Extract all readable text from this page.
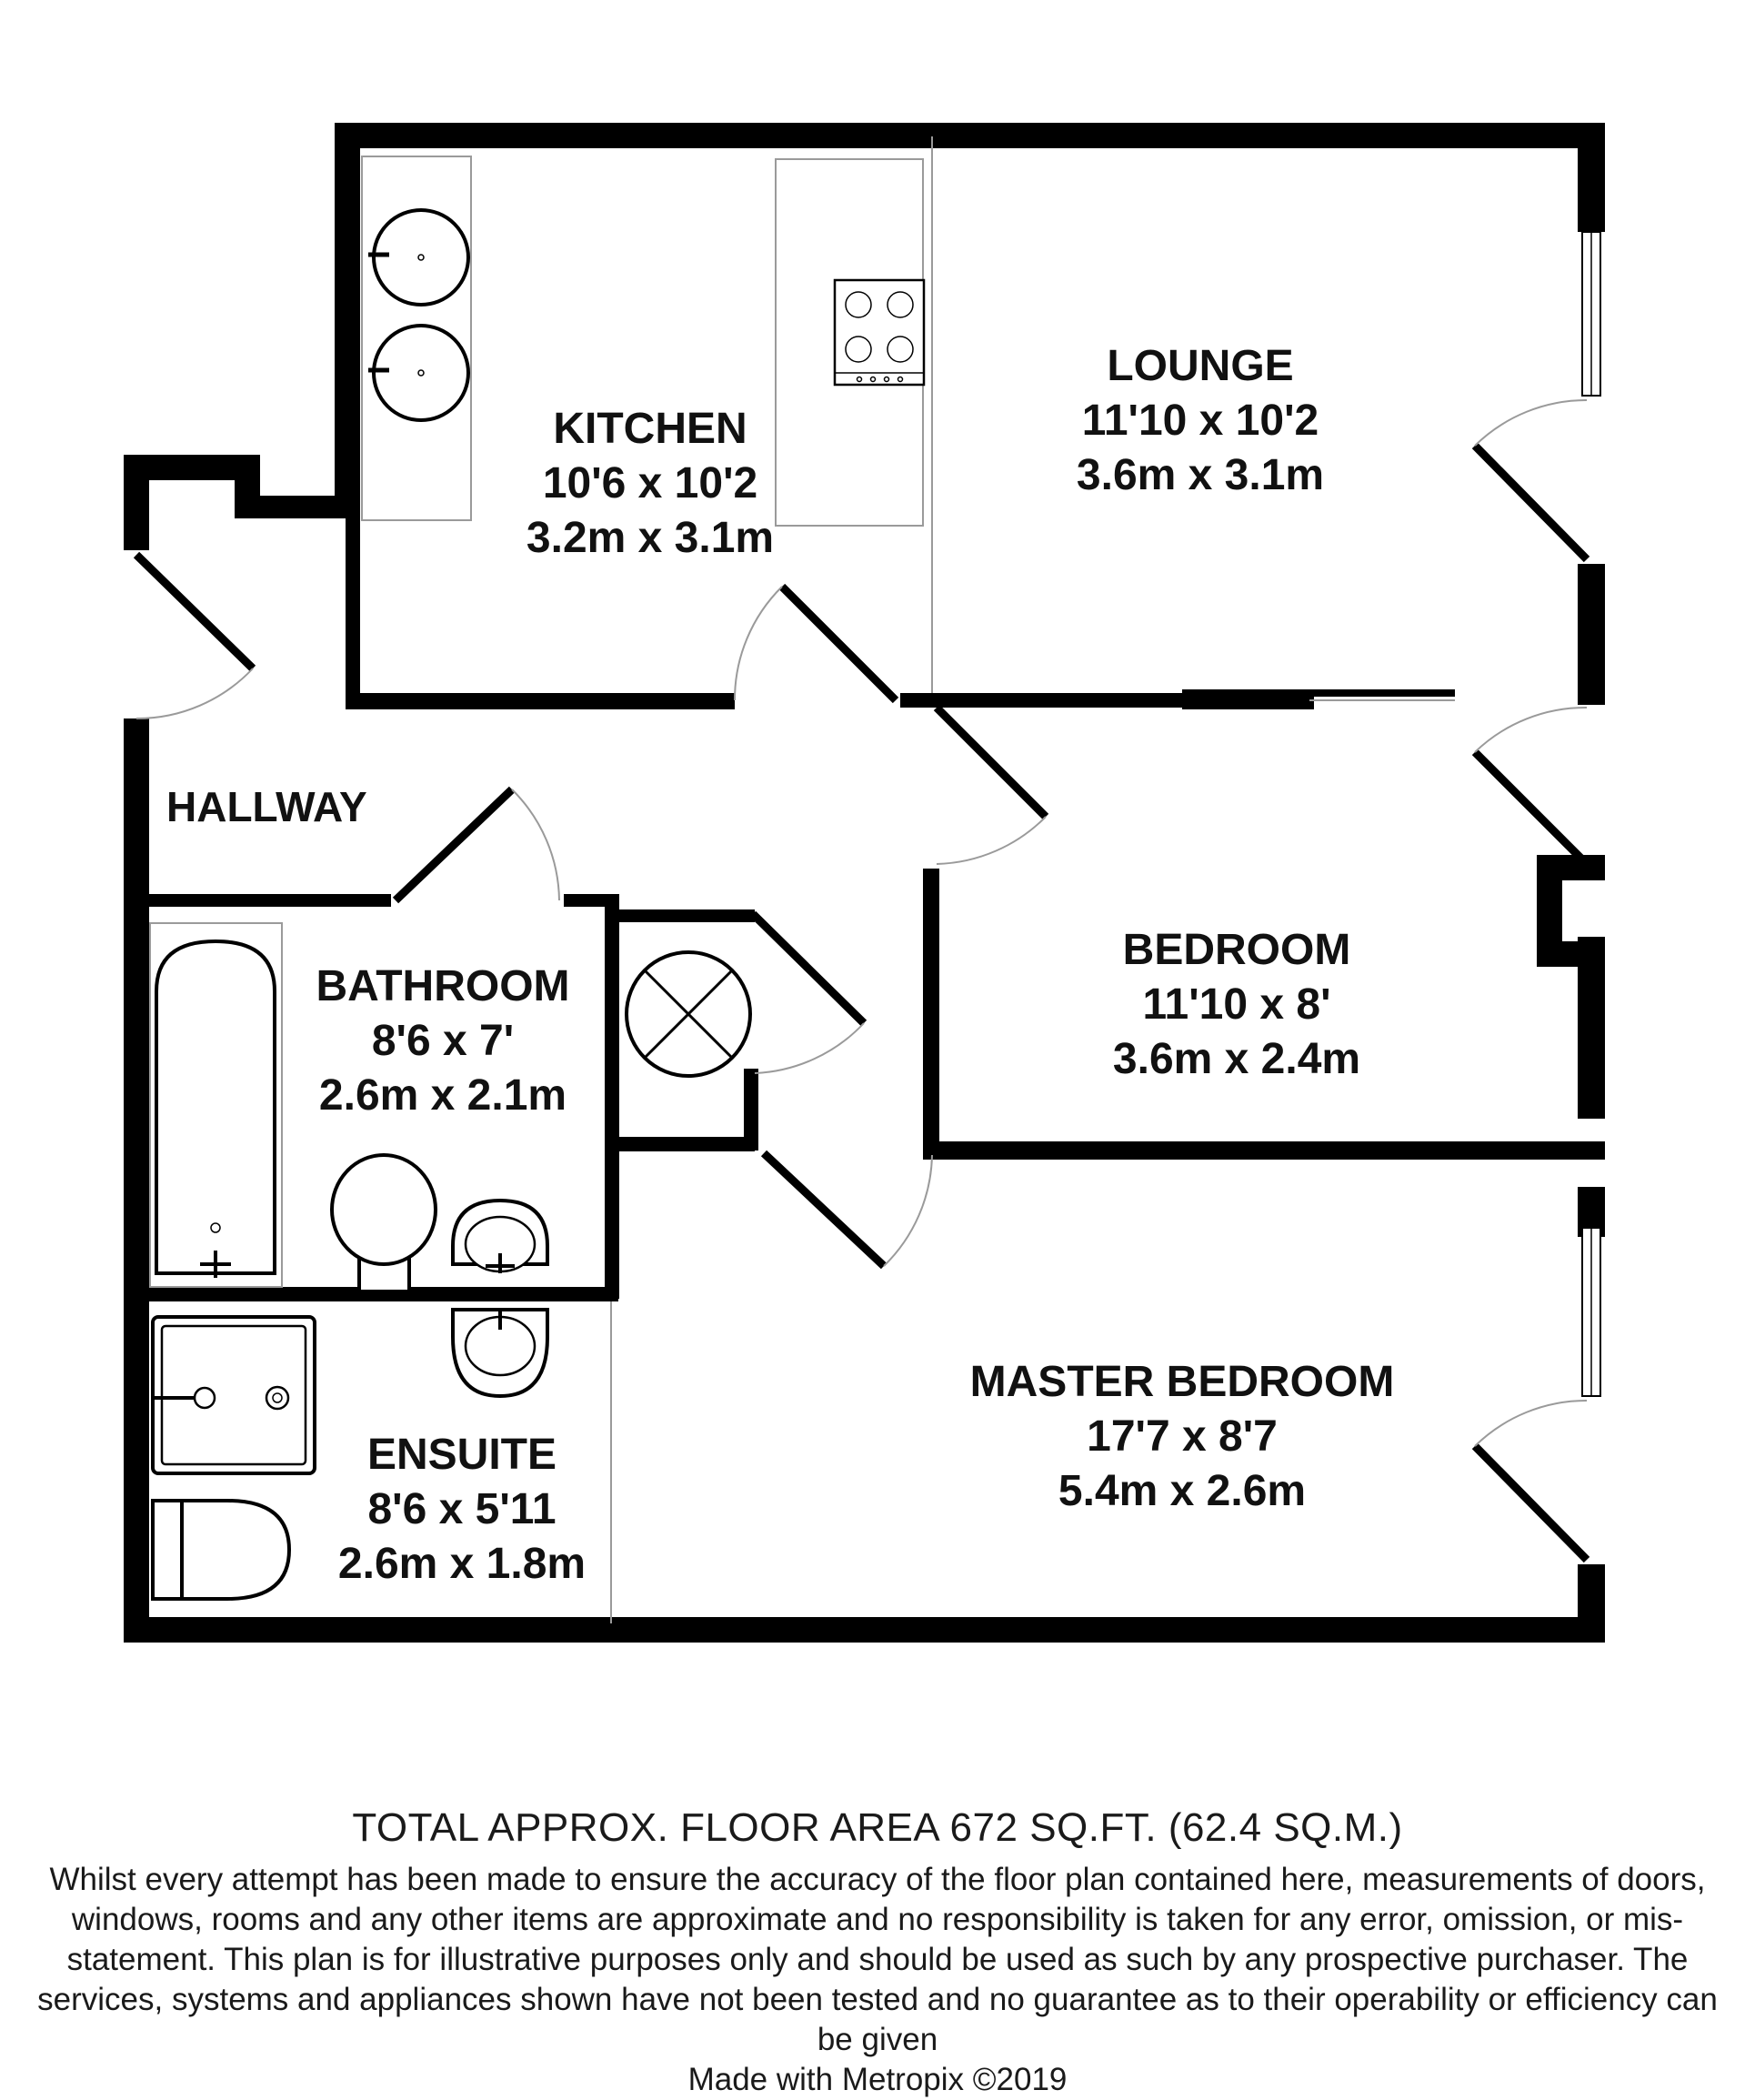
KITCHEN
10'6 x 10'2
3.2m x 3.1m
LOUNGE
11'10 x 10'2
3.6m x 3.1m
BATHROOM
8'6 x 7'
2.6m x 2.1m
BEDROOM
11'10 x 8'
3.6m x 2.4m
ENSUITE
8'6 x 5'11
2.6m x 1.8m
MASTER BEDROOM
17'7 x 8'7
5.4m x 2.6m
HALLWAY
TOTAL APPROX. FLOOR AREA 672 SQ.FT. (62.4 SQ.M.)
Whilst every attempt has been made to ensure the accuracy of the floor plan contained here, measurements of doors, windows, rooms and any other items are approximate and no responsibility is taken for any error, omission, or mis-statement. This plan is for illustrative purposes only and should be used as such by any prospective purchaser. The services, systems and appliances shown have not been tested and no guarantee as to their operability or efficiency can be given
Made with Metropix ©2019
